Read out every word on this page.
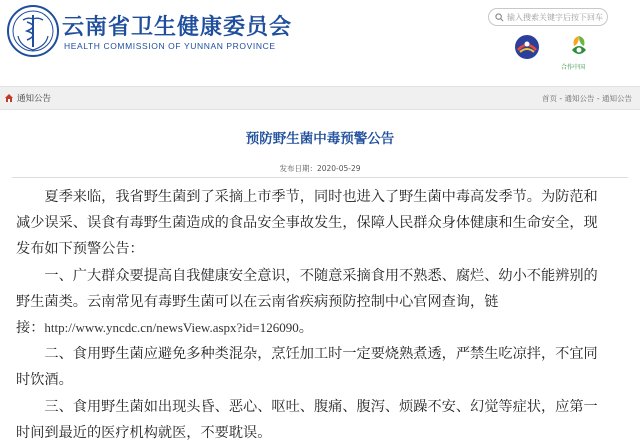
云南省卫生健康委员会
HEALTH COMMISSION OF YUNNAN PROVINCE
输入搜索关键字后按下回车
合作中国
通知公告	首页 - 通知公告 - 通知公告
预防野生菌中毒预警公告
发布日期：2020-05-29
　　夏季来临，我省野生菌到了采摘上市季节，同时也进入了野生菌中毒高发季节。为防范和
减少误采、误食有毒野生菌造成的食品安全事故发生，保障人民群众身体健康和生命安全，现
发布如下预警公告：
　　一、广大群众要提高自我健康安全意识，不随意采摘食用不熟悉、腐烂、幼小不能辨别的
野生菌类。云南常见有毒野生菌可以在云南省疾病预防控制中心官网查询，链
接：http://www.yncdc.cn/newsView.aspx?id=126090。
　　二、食用野生菌应避免多种类混杂，烹饪加工时一定要烧熟煮透，严禁生吃凉拌，不宜同
时饮酒。
　　三、食用野生菌如出现头昏、恶心、呕吐、腹痛、腹泻、烦躁不安、幻觉等症状，应第一
时间到最近的医疗机构就医，不要耽误。
